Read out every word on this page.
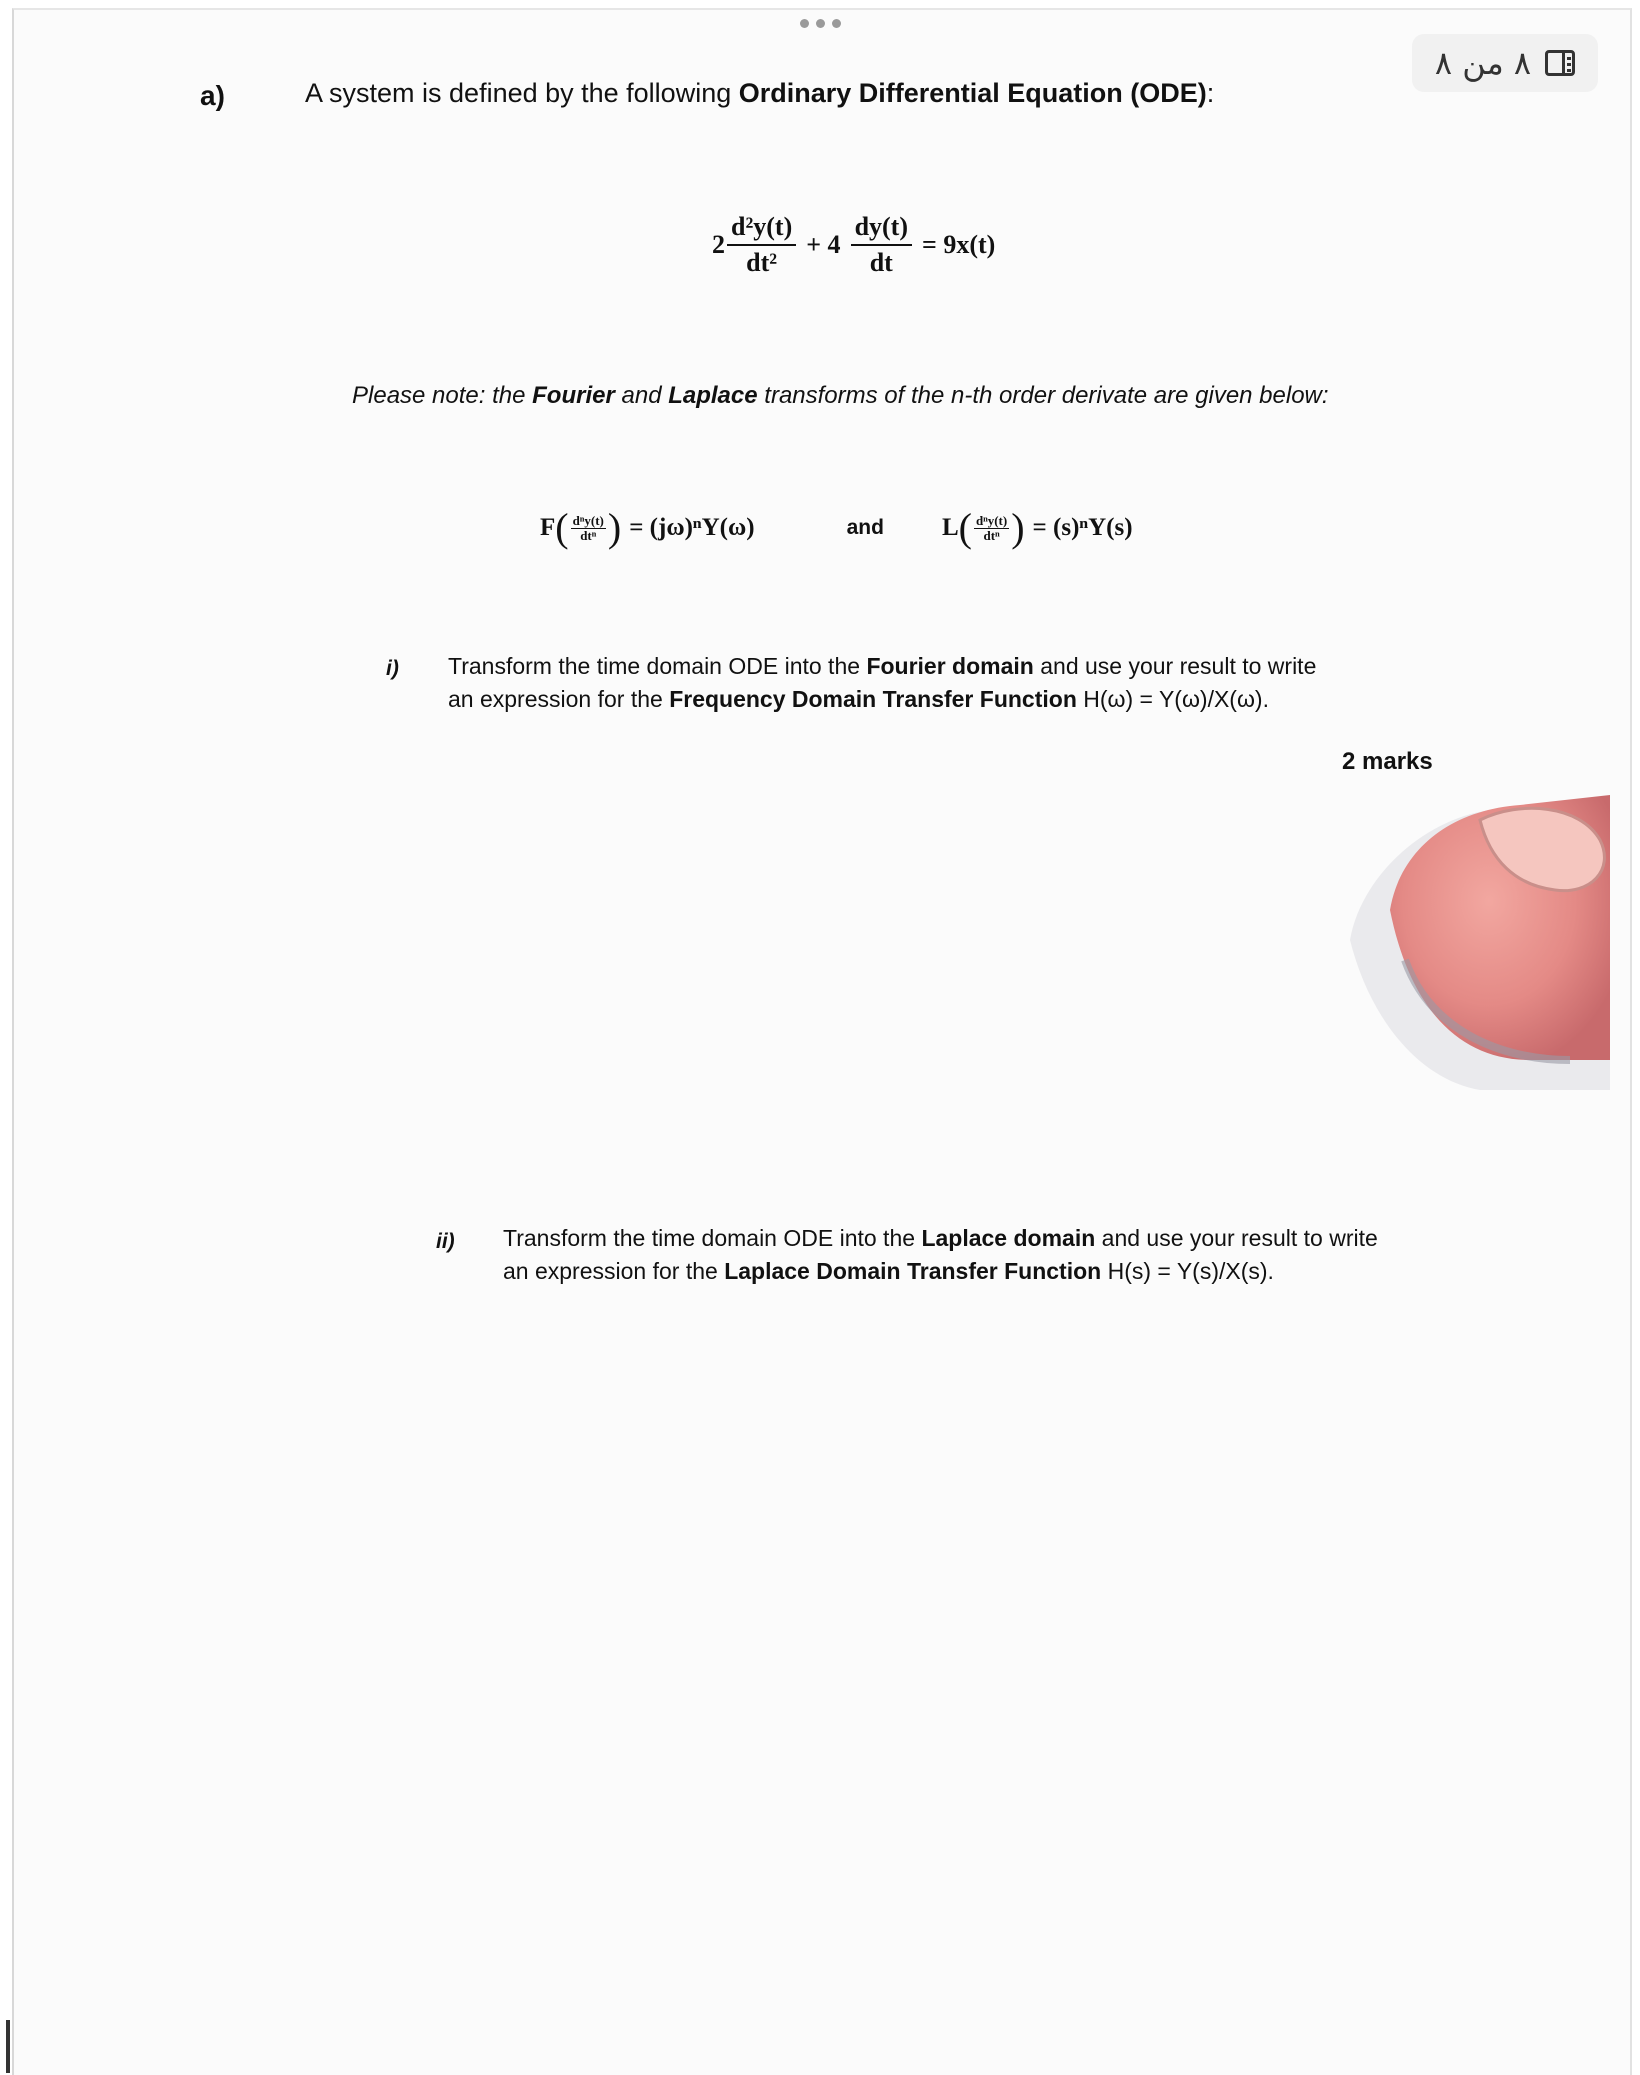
٨ من ٨
a)	A system is defined by the following Ordinary Differential Equation (ODE):
$2 \frac{\text{d²y(t)}}{\text{dt²}} + 4 \frac{dy(t)}{dt} = 9x(t)$
Please note: the Fourier and Laplace transforms of the n-th order derivate are given below:
F ( $\frac{\text{dⁿy(t)}}{\text{dtⁿ}}$ ) = (jω)ⁿY(ω)	and L ( $\frac{\text{dⁿy(t)}}{\text{dtⁿ}}$ ) = (s)ⁿY(s)
i) Transform the time domain ODE into the Fourier domain and use your result to write
an expression for the Frequency Domain Transfer Function H(ω) = Y(ω)/X(ω).
2 marks
ii) Transform the time domain ODE into the Laplace domain and use your result to write
an expression for the Laplace Domain Transfer Function H(s) = Y(s)/X(s).
